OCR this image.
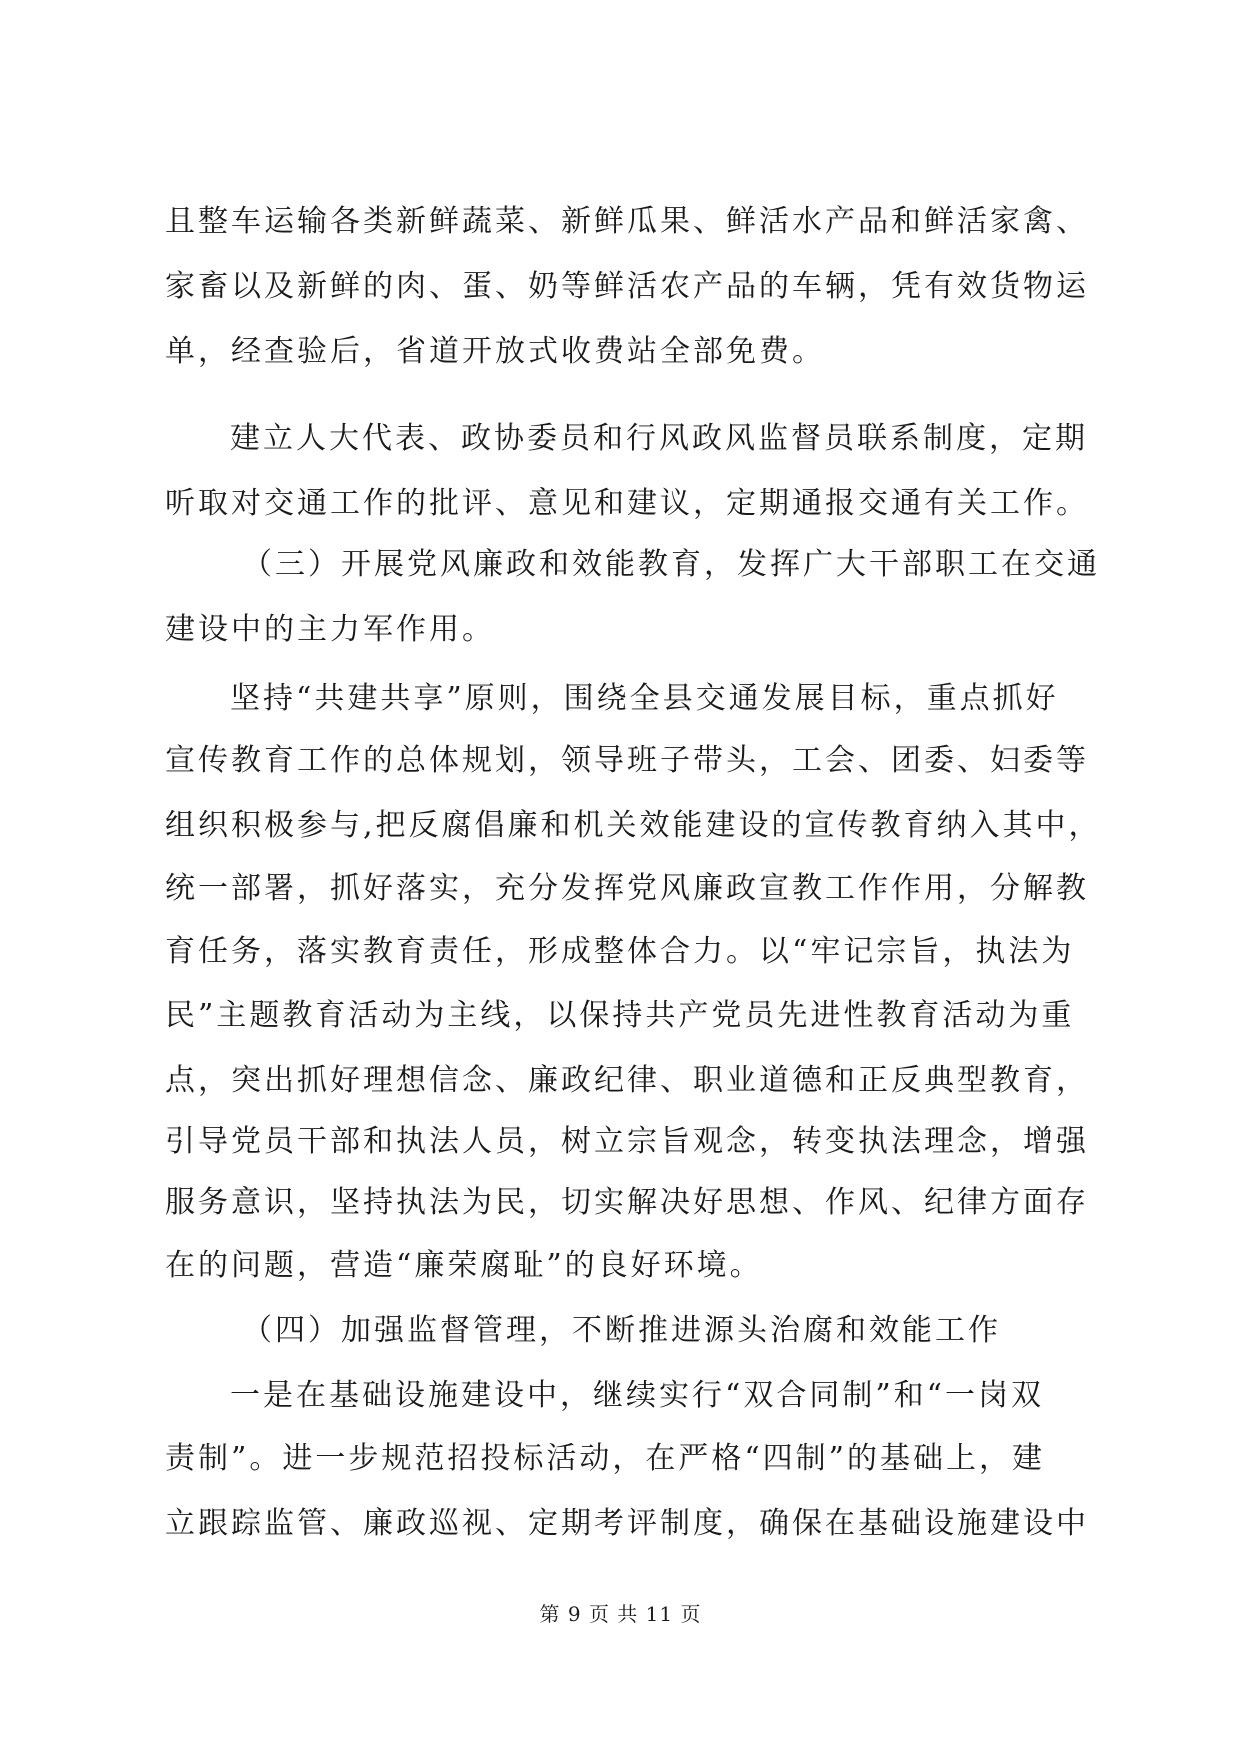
且整车运输各类新鲜蔬菜、新鲜瓜果、鲜活水产品和鲜活家禽、
家畜以及新鲜的肉、蛋、奶等鲜活农产品的车辆，凭有效货物运
单，经查验后，省道开放式收费站全部免费。
建立人大代表、政协委员和行风政风监督员联系制度，定期
听取对交通工作的批评、意见和建议，定期通报交通有关工作。
（三）开展党风廉政和效能教育，发挥广大干部职工在交通
建设中的主力军作用。
坚持“共建共享”原则，围绕全县交通发展目标，重点抓好
宣传教育工作的总体规划，领导班子带头，工会、团委、妇委等
组织积极参与,把反腐倡廉和机关效能建设的宣传教育纳入其中，
统一部署，抓好落实，充分发挥党风廉政宣教工作作用，分解教
育任务，落实教育责任，形成整体合力。以“牢记宗旨，执法为
民”主题教育活动为主线，以保持共产党员先进性教育活动为重
点，突出抓好理想信念、廉政纪律、职业道德和正反典型教育，
引导党员干部和执法人员，树立宗旨观念，转变执法理念，增强
服务意识，坚持执法为民，切实解决好思想、作风、纪律方面存
在的问题，营造“廉荣腐耻”的良好环境。
（四）加强监督管理，不断推进源头治腐和效能工作
一是在基础设施建设中，继续实行“双合同制”和“一岗双
责制”。进一步规范招投标活动，在严格“四制”的基础上，建
立跟踪监管、廉政巡视、定期考评制度，确保在基础设施建设中
第 9 页 共 11 页
